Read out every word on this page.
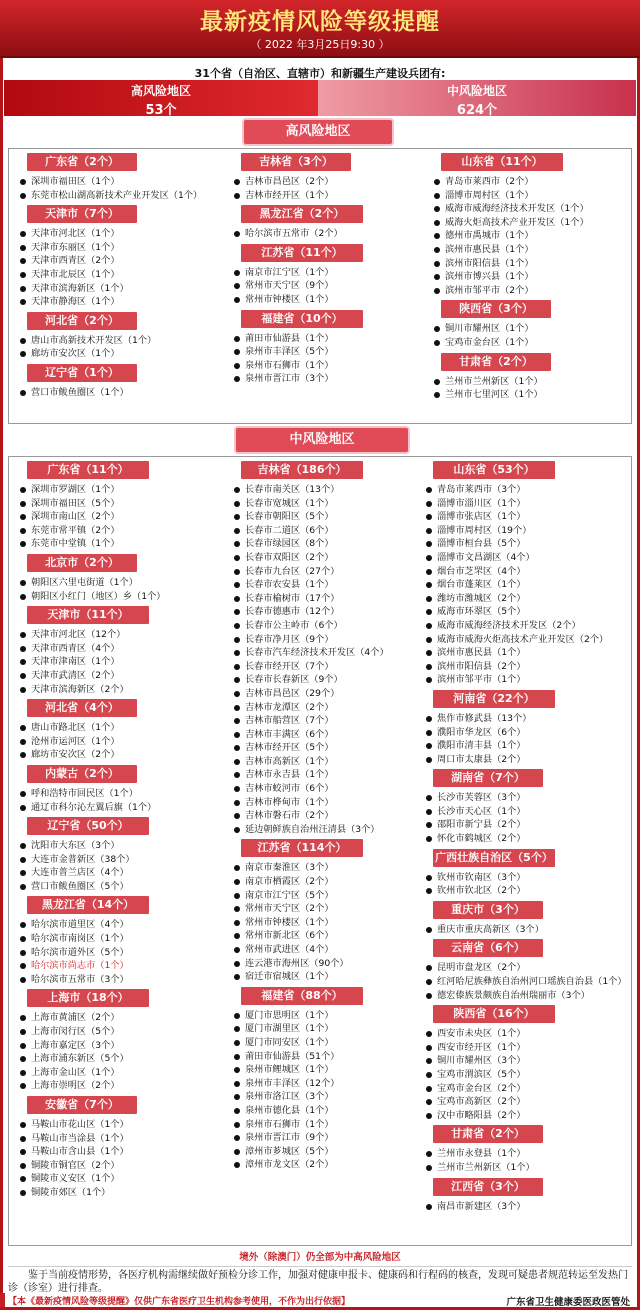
最新疫情风险等级提醒
（ 2022 年3月25日9:30 ）
31个省（自治区、直辖市）和新疆生产建设兵团有:
高风险地区
53个
中风险地区
624个
高风险地区
广东省（2个）
深圳市福田区（1个）
东莞市松山湖高新技术产业开发区（1个）
天津市（7个）
天津市河北区（1个）
天津市东丽区（1个）
天津市西青区（2个）
天津市北辰区（1个）
天津市滨海新区（1个）
天津市静海区（1个）
河北省（2个）
唐山市高新技术开发区（1个）
廊坊市安次区（1个）
辽宁省（1个）
营口市鲅鱼圈区（1个）
吉林省（3个）
吉林市昌邑区（2个）
吉林市经开区（1个）
黑龙江省（2个）
哈尔滨市五常市（2个）
江苏省（11个）
南京市江宁区（1个）
常州市天宁区（9个）
常州市钟楼区（1个）
福建省（10个）
莆田市仙游县（1个）
泉州市丰泽区（5个）
泉州市石狮市（1个）
泉州市晋江市（3个）
山东省（11个）
青岛市莱西市（2个）
淄博市周村区（1个）
威海市威海经济技术开发区（1个）
威海火炬高技术产业开发区（1个）
德州市禹城市（1个）
滨州市惠民县（1个）
滨州市阳信县（1个）
滨州市博兴县（1个）
滨州市邹平市（2个）
陕西省（3个）
铜川市耀州区（1个）
宝鸡市金台区（1个）
甘肃省（2个）
兰州市兰州新区（1个）
兰州市七里河区（1个）
中风险地区
广东省（11个）
深圳市罗湖区（1个）
深圳市福田区（5个）
深圳市南山区（2个）
东莞市常平镇（2个）
东莞市中堂镇（1个）
北京市（2个）
朝阳区六里屯街道（1个）
朝阳区小红门（地区）乡（1个）
天津市（11个）
天津市河北区（12个）
天津市西青区（4个）
天津市津南区（1个）
天津市武清区（2个）
天津市滨海新区（2个）
河北省（4个）
唐山市路北区（1个）
沧州市运河区（1个）
廊坊市安次区（2个）
内蒙古（2个）
呼和浩特市回民区（1个）
通辽市科尔沁左翼后旗（1个）
辽宁省（50个）
沈阳市大东区（3个）
大连市金普新区（38个）
大连市普兰店区（4个）
营口市鲅鱼圈区（5个）
黑龙江省（14个）
哈尔滨市道里区（4个）
哈尔滨市南岗区（1个）
哈尔滨市道外区（5个）
哈尔滨市尚志市（1个）
哈尔滨市五常市（3个）
上海市（18个）
上海市黄浦区（2个）
上海市闵行区（5个）
上海市嘉定区（3个）
上海市浦东新区（5个）
上海市金山区（1个）
上海市崇明区（2个）
安徽省（7个）
马鞍山市花山区（1个）
马鞍山市当涂县（1个）
马鞍山市含山县（1个）
铜陵市铜官区（2个）
铜陵市义安区（1个）
铜陵市郊区（1个）
吉林省（186个）
长春市南关区（13个）
长春市宽城区（1个）
长春市朝阳区（5个）
长春市二道区（6个）
长春市绿园区（8个）
长春市双阳区（2个）
长春市九台区（27个）
长春市农安县（1个）
长春市榆树市（17个）
长春市德惠市（12个）
长春市公主岭市（6个）
长春市净月区（9个）
长春市汽车经济技术开发区（4个）
长春市经开区（7个）
长春市长春新区（9个）
吉林市昌邑区（29个）
吉林市龙潭区（2个）
吉林市船营区（7个）
吉林市丰满区（6个）
吉林市经开区（5个）
吉林市高新区（1个）
吉林市永吉县（1个）
吉林市蛟河市（6个）
吉林市桦甸市（1个）
吉林市磐石市（2个）
延边朝鲜族自治州汪清县（3个）
江苏省（114个）
南京市秦淮区（3个）
南京市栖霞区（2个）
南京市江宁区（5个）
常州市天宁区（2个）
常州市钟楼区（1个）
常州市新北区（6个）
常州市武进区（4个）
连云港市海州区（90个）
宿迁市宿城区（1个）
福建省（88个）
厦门市思明区（1个）
厦门市湖里区（1个）
厦门市同安区（1个）
莆田市仙游县（51个）
泉州市鲤城区（1个）
泉州市丰泽区（12个）
泉州市洛江区（3个）
泉州市德化县（1个）
泉州市石狮市（1个）
泉州市晋江市（9个）
漳州市芗城区（5个）
漳州市龙文区（2个）
山东省（53个）
青岛市莱西市（3个）
淄博市淄川区（1个）
淄博市张店区（1个）
淄博市周村区（19个）
淄博市桓台县（5个）
淄博市文昌湖区（4个）
烟台市芝罘区（4个）
烟台市蓬莱区（1个）
潍坊市潍城区（2个）
威海市环翠区（5个）
威海市威海经济技术开发区（2个）
威海市威海火炬高技术产业开发区（2个）
滨州市惠民县（1个）
滨州市阳信县（2个）
滨州市邹平市（1个）
河南省（22个）
焦作市修武县（13个）
濮阳市华龙区（6个）
濮阳市清丰县（1个）
周口市太康县（2个）
湖南省（7个）
长沙市芙蓉区（3个）
长沙市天心区（1个）
邵阳市新宁县（2个）
怀化市鹤城区（2个）
广西壮族自治区（5个）
钦州市钦南区（3个）
钦州市钦北区（2个）
重庆市（3个）
重庆市重庆高新区（3个）
云南省（6个）
昆明市盘龙区（2个）
红河哈尼族彝族自治州河口瑶族自治县（1个）
德宏傣族景颇族自治州瑞丽市（3个）
陕西省（16个）
西安市未央区（1个）
西安市经开区（1个）
铜川市耀州区（3个）
宝鸡市渭滨区（5个）
宝鸡市金台区（2个）
宝鸡市高新区（2个）
汉中市略阳县（2个）
甘肃省（2个）
兰州市永登县（1个）
兰州市兰州新区（1个）
江西省（3个）
南昌市新建区（3个）
境外（除澳门）仍全部为中高风险地区
鉴于当前疫情形势，各医疗机构需继续做好预检分诊工作，加强对健康申报卡、健康码和行程码的核查，发现可疑患者规范转运至发热门诊（诊室）进行排查。
【本《最新疫情风险等级提醒》仅供广东省医疗卫生机构参考使用，不作为出行依据】	广东省卫生健康委医政医管处
